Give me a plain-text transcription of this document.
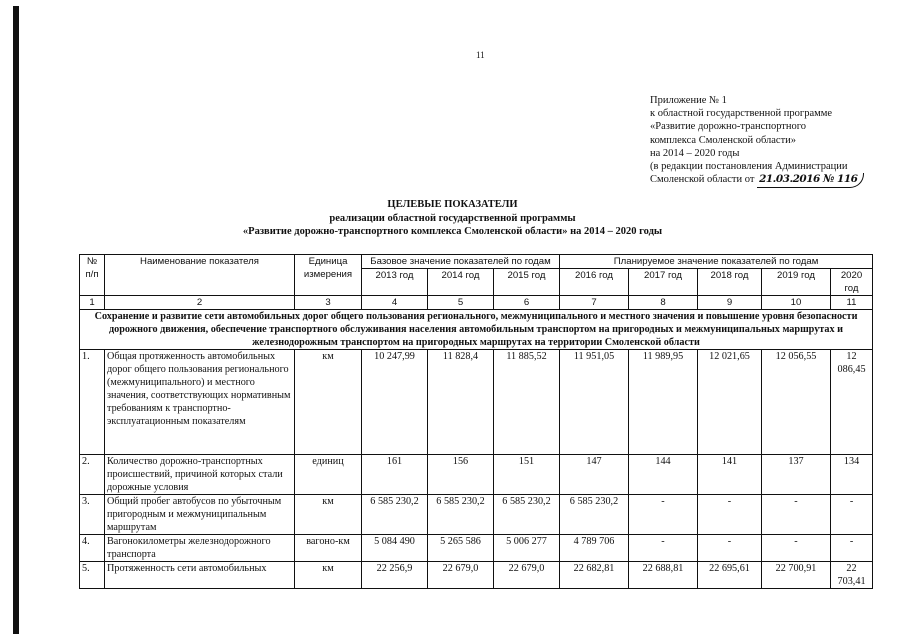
11
Приложение № 1
к областной государственной программе
«Развитие дорожно-транспортного
комплекса Смоленской области»
на 2014 – 2020 годы
(в редакции постановления Администрации
Смоленской области от 21.03.2016 № 116
ЦЕЛЕВЫЕ ПОКАЗАТЕЛИ
реализации областной государственной программы
«Развитие дорожно-транспортного комплекса Смоленской области» на 2014 – 2020 годы
№ п/п	Наименование показателя	Единица измерения	Базовое значение показателей по годам			Планируемое значение показателей по годам				
			2013 год	2014 год	2015 год	2016 год	2017 год	2018 год	2019 год	2020 год
1	2	3	4	5	6	7	8	9	10	11
Сохранение и развитие сети автомобильных дорог общего пользования регионального, межмуниципального и местного значения и повышение уровня безопасности дорожного движения, обеспечение транспортного обслуживания населения автомобильным транспортом на пригородных и межмуниципальных маршрутах и железнодорожным транспортом на пригородных маршрутах на территории Смоленской области										
1.	Общая протяженность автомобильных дорог общего пользования регионального (межмуниципального) и местного значения, соответствующих нормативным требованиям к транспортно-эксплуатационным показателям	км	10 247,99	11 828,4	11 885,52	11 951,05	11 989,95	12 021,65	12 056,55	12 086,45
2.	Количество дорожно-транспортных происшествий, причиной которых стали дорожные условия	единиц	161	156	151	147	144	141	137	134
3.	Общий пробег автобусов по убыточным пригородным и межмуниципальным маршрутам	км	6 585 230,2	6 585 230,2	6 585 230,2	6 585 230,2	-	-	-	-
4.	Вагонокилометры железнодорожного транспорта	вагоно-км	5 084 490	5 265 586	5 006 277	4 789 706	-	-	-	-
5.	Протяженность сети автомобильных	км	22 256,9	22 679,0	22 679,0	22 682,81	22 688,81	22 695,61	22 700,91	22 703,41
